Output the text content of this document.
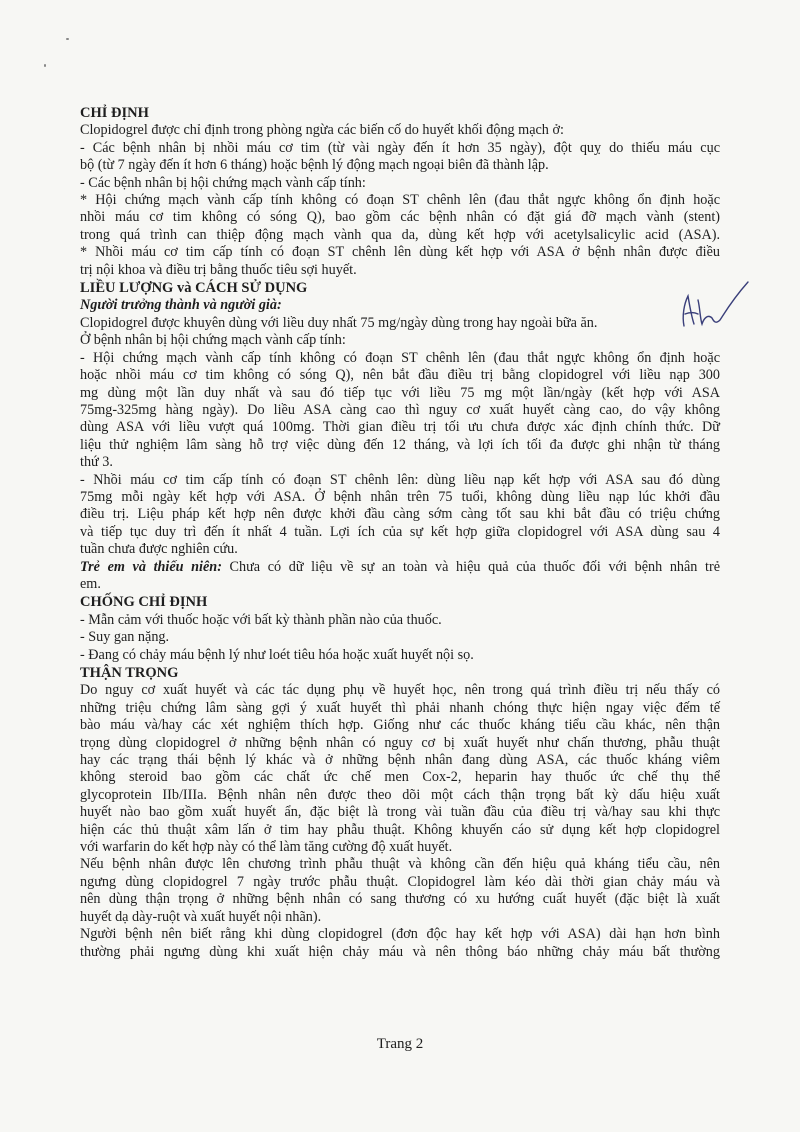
CHỈ ĐỊNH
Clopidogrel được chỉ định trong phòng ngừa các biến cố do huyết khối động mạch ở:
- Các bệnh nhân bị nhồi máu cơ tim (từ vài ngày đến ít hơn 35 ngày), đột quỵ do thiếu máu cục
bộ (từ 7 ngày đến ít hơn 6 tháng) hoặc bệnh lý động mạch ngoại biên đã thành lập.
- Các bệnh nhân bị hội chứng mạch vành cấp tính:
* Hội chứng mạch vành cấp tính không có đoạn ST chênh lên (đau thắt ngực không ổn định hoặc
nhồi máu cơ tim không có sóng Q), bao gồm các bệnh nhân có đặt giá đỡ mạch vành (stent)
trong quá trình can thiệp động mạch vành qua da, dùng kết hợp với acetylsalicylic acid (ASA).
* Nhồi máu cơ tim cấp tính có đoạn ST chênh lên dùng kết hợp với ASA ở bệnh nhân được điều
trị nội khoa và điều trị bằng thuốc tiêu sợi huyết.
LIỀU LƯỢNG và CÁCH SỬ DỤNG
Người trưởng thành và người già:
Clopidogrel được khuyên dùng với liều duy nhất 75 mg/ngày dùng trong hay ngoài bữa ăn.
Ở bệnh nhân bị hội chứng mạch vành cấp tính:
- Hội chứng mạch vành cấp tính không có đoạn ST chênh lên (đau thắt ngực không ổn định hoặc
hoặc nhồi máu cơ tim không có sóng Q), nên bắt đầu điều trị bằng clopidogrel với liều nạp 300
mg dùng một lần duy nhất và sau đó tiếp tục với liều 75 mg một lần/ngày (kết hợp với ASA
75mg-325mg hàng ngày). Do liều ASA càng cao thì nguy cơ xuất huyết càng cao, do vậy không
dùng ASA với liều vượt quá 100mg. Thời gian điều trị tối ưu chưa được xác định chính thức. Dữ
liệu thử nghiệm lâm sàng hỗ trợ việc dùng đến 12 tháng, và lợi ích tối đa được ghi nhận từ tháng
thứ 3.
- Nhồi máu cơ tim cấp tính có đoạn ST chênh lên: dùng liều nạp kết hợp với ASA sau đó dùng
75mg mỗi ngày kết hợp với ASA. Ở bệnh nhân trên 75 tuổi, không dùng liều nạp lúc khởi đầu
điều trị. Liệu pháp kết hợp nên được khởi đầu càng sớm càng tốt sau khi bắt đầu có triệu chứng
và tiếp tục duy trì đến ít nhất 4 tuần. Lợi ích của sự kết hợp giữa clopidogrel với ASA dùng sau 4
tuần chưa được nghiên cứu.
Trẻ em và thiếu niên: Chưa có dữ liệu về sự an toàn và hiệu quả của thuốc đối với bệnh nhân trẻ
em.
CHỐNG CHỈ ĐỊNH
- Mẫn cảm với thuốc hoặc với bất kỳ thành phần nào của thuốc.
- Suy gan nặng.
- Đang có chảy máu bệnh lý như loét tiêu hóa hoặc xuất huyết nội sọ.
THẬN TRỌNG
Do nguy cơ xuất huyết và các tác dụng phụ về huyết học, nên trong quá trình điều trị nếu thấy có
những triệu chứng lâm sàng gợi ý xuất huyết thì phải nhanh chóng thực hiện ngay việc đếm tế
bào máu và/hay các xét nghiệm thích hợp. Giống như các thuốc kháng tiểu cầu khác, nên thận
trọng dùng clopidogrel ở những bệnh nhân có nguy cơ bị xuất huyết như chấn thương, phẫu thuật
hay các trạng thái bệnh lý khác và ở những bệnh nhân đang dùng ASA, các thuốc kháng viêm
không steroid bao gồm các chất ức chế men Cox-2, heparin hay thuốc ức chế thụ thể
glycoprotein IIb/IIIa. Bệnh nhân nên được theo dõi một cách thận trọng bất kỳ dấu hiệu xuất
huyết nào bao gồm xuất huyết ẩn, đặc biệt là trong vài tuần đầu của điều trị và/hay sau khi thực
hiện các thủ thuật xâm lấn ở tim hay phẫu thuật. Không khuyến cáo sử dụng kết hợp clopidogrel
với warfarin do kết hợp này có thể làm tăng cường độ xuất huyết.
Nếu bệnh nhân được lên chương trình phẫu thuật và không cần đến hiệu quả kháng tiểu cầu, nên
ngưng dùng clopidogrel 7 ngày trước phẫu thuật. Clopidogrel làm kéo dài thời gian chảy máu và
nên dùng thận trọng ở những bệnh nhân có sang thương có xu hướng cuất huyết (đặc biệt là xuất
huyết dạ dày-ruột và xuất huyết nội nhãn).
Người bệnh nên biết rằng khi dùng clopidogrel (đơn độc hay kết hợp với ASA) dài hạn hơn bình
thường phải ngưng dùng khi xuất hiện chảy máu và nên thông báo những chảy máu bất thường
Trang 2
